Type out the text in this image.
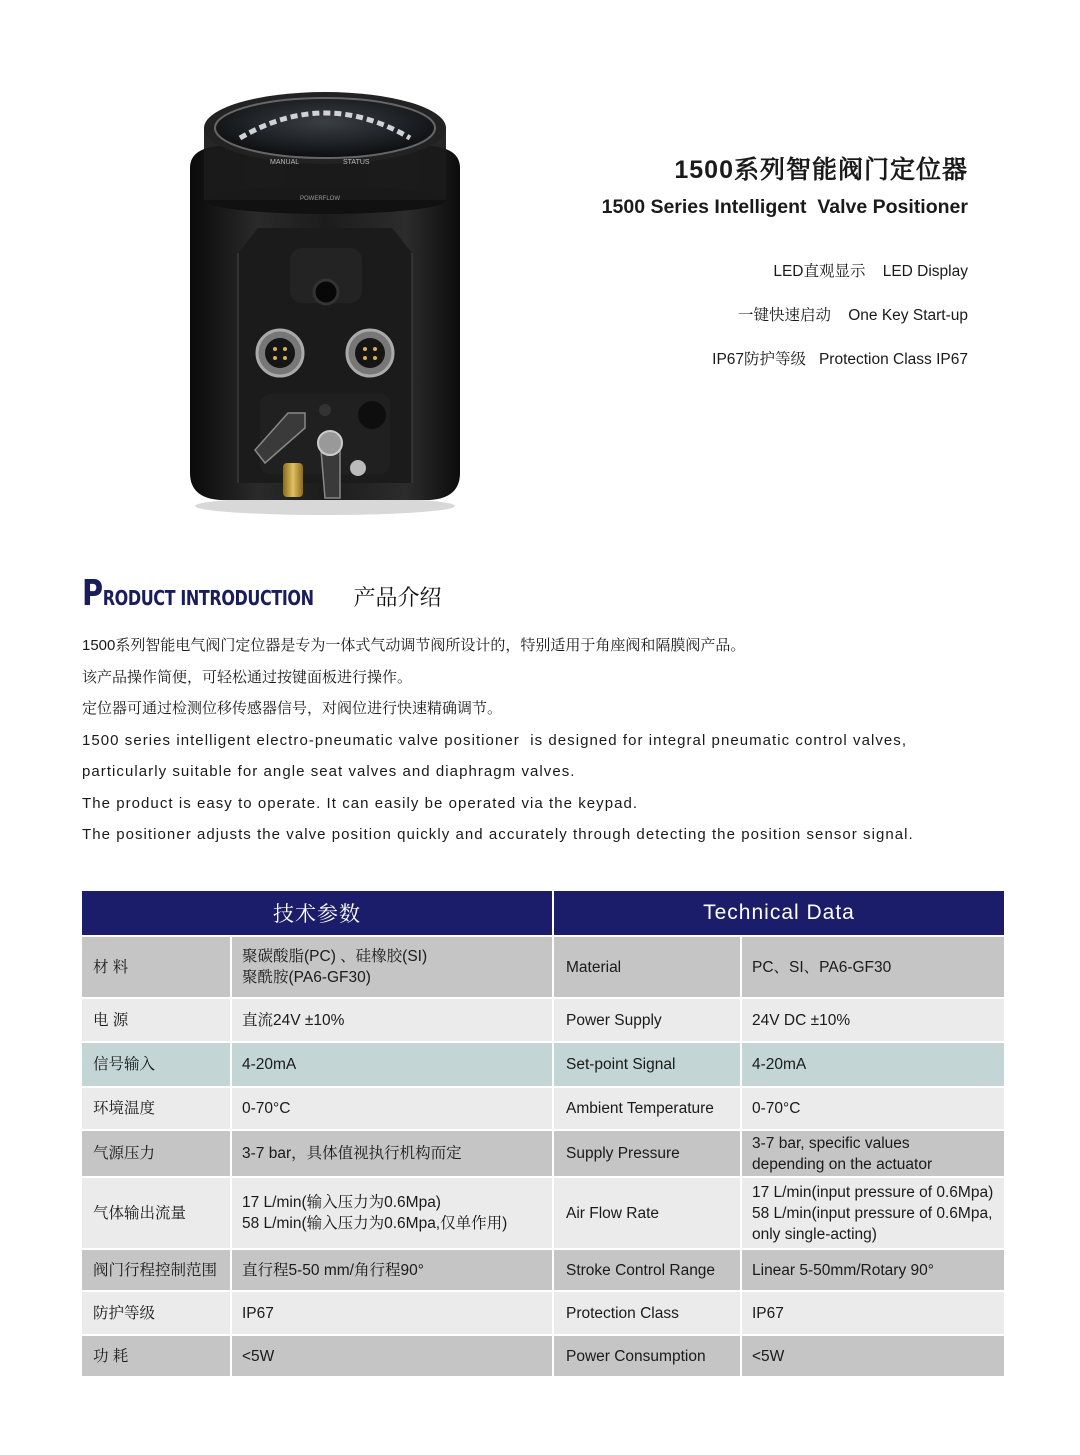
MANUAL	STATUS
POWERFLOW
1500系列智能阀门定位器
1500 Series Intelligent  Valve Positioner
LED直观显示    LED Display
一键快速启动    One Key Start-up
IP67防护等级   Protection Class IP67
PRODUCT INTRODUCTION 产品介绍

1500系列智能电气阀门定位器是专为一体式气动调节阀所设计的，特别适用于角座阀和隔膜阀产品。

该产品操作简便，可轻松通过按键面板进行操作。

定位器可通过检测位移传感器信号，对阀位进行快速精确调节。

1500 series intelligent electro-pneumatic valve positioner  is designed for integral pneumatic control valves,

particularly suitable for angle seat valves and diaphragm valves.

The product is easy to operate. It can easily be operated via the keypad.

The positioner adjusts the valve position quickly and accurately through detecting the position sensor signal.

技术参数		Technical Data	
材 料	聚碳酸脂(PC) 、硅橡胶(SI)
聚酰胺(PA6-GF30)	Material	PC、SI、PA6-GF30

电 源	直流24V ±10%	Power Supply	24V DC ±10%

信号输入	4-20mA	Set-point Signal	4-20mA

环境温度	0-70°C	Ambient Temperature	0-70°C

气源压力	3-7 bar，具体值视执行机构而定	Supply Pressure	3-7 bar, specific values
depending on the actuator

气体输出流量	17 L/min(输入压力为0.6Mpa)
58 L/min(输入压力为0.6Mpa,仅单作用)	Air Flow Rate	17 L/min(input pressure of 0.6Mpa)
58 L/min(input pressure of 0.6Mpa,
only single-acting)

阀门行程控制范围	直行程5-50 mm/角行程90°	Stroke Control Range	Linear 5-50mm/Rotary 90°

防护等级	IP67	Protection Class	IP67

功 耗	<5W	Power Consumption	<5W
